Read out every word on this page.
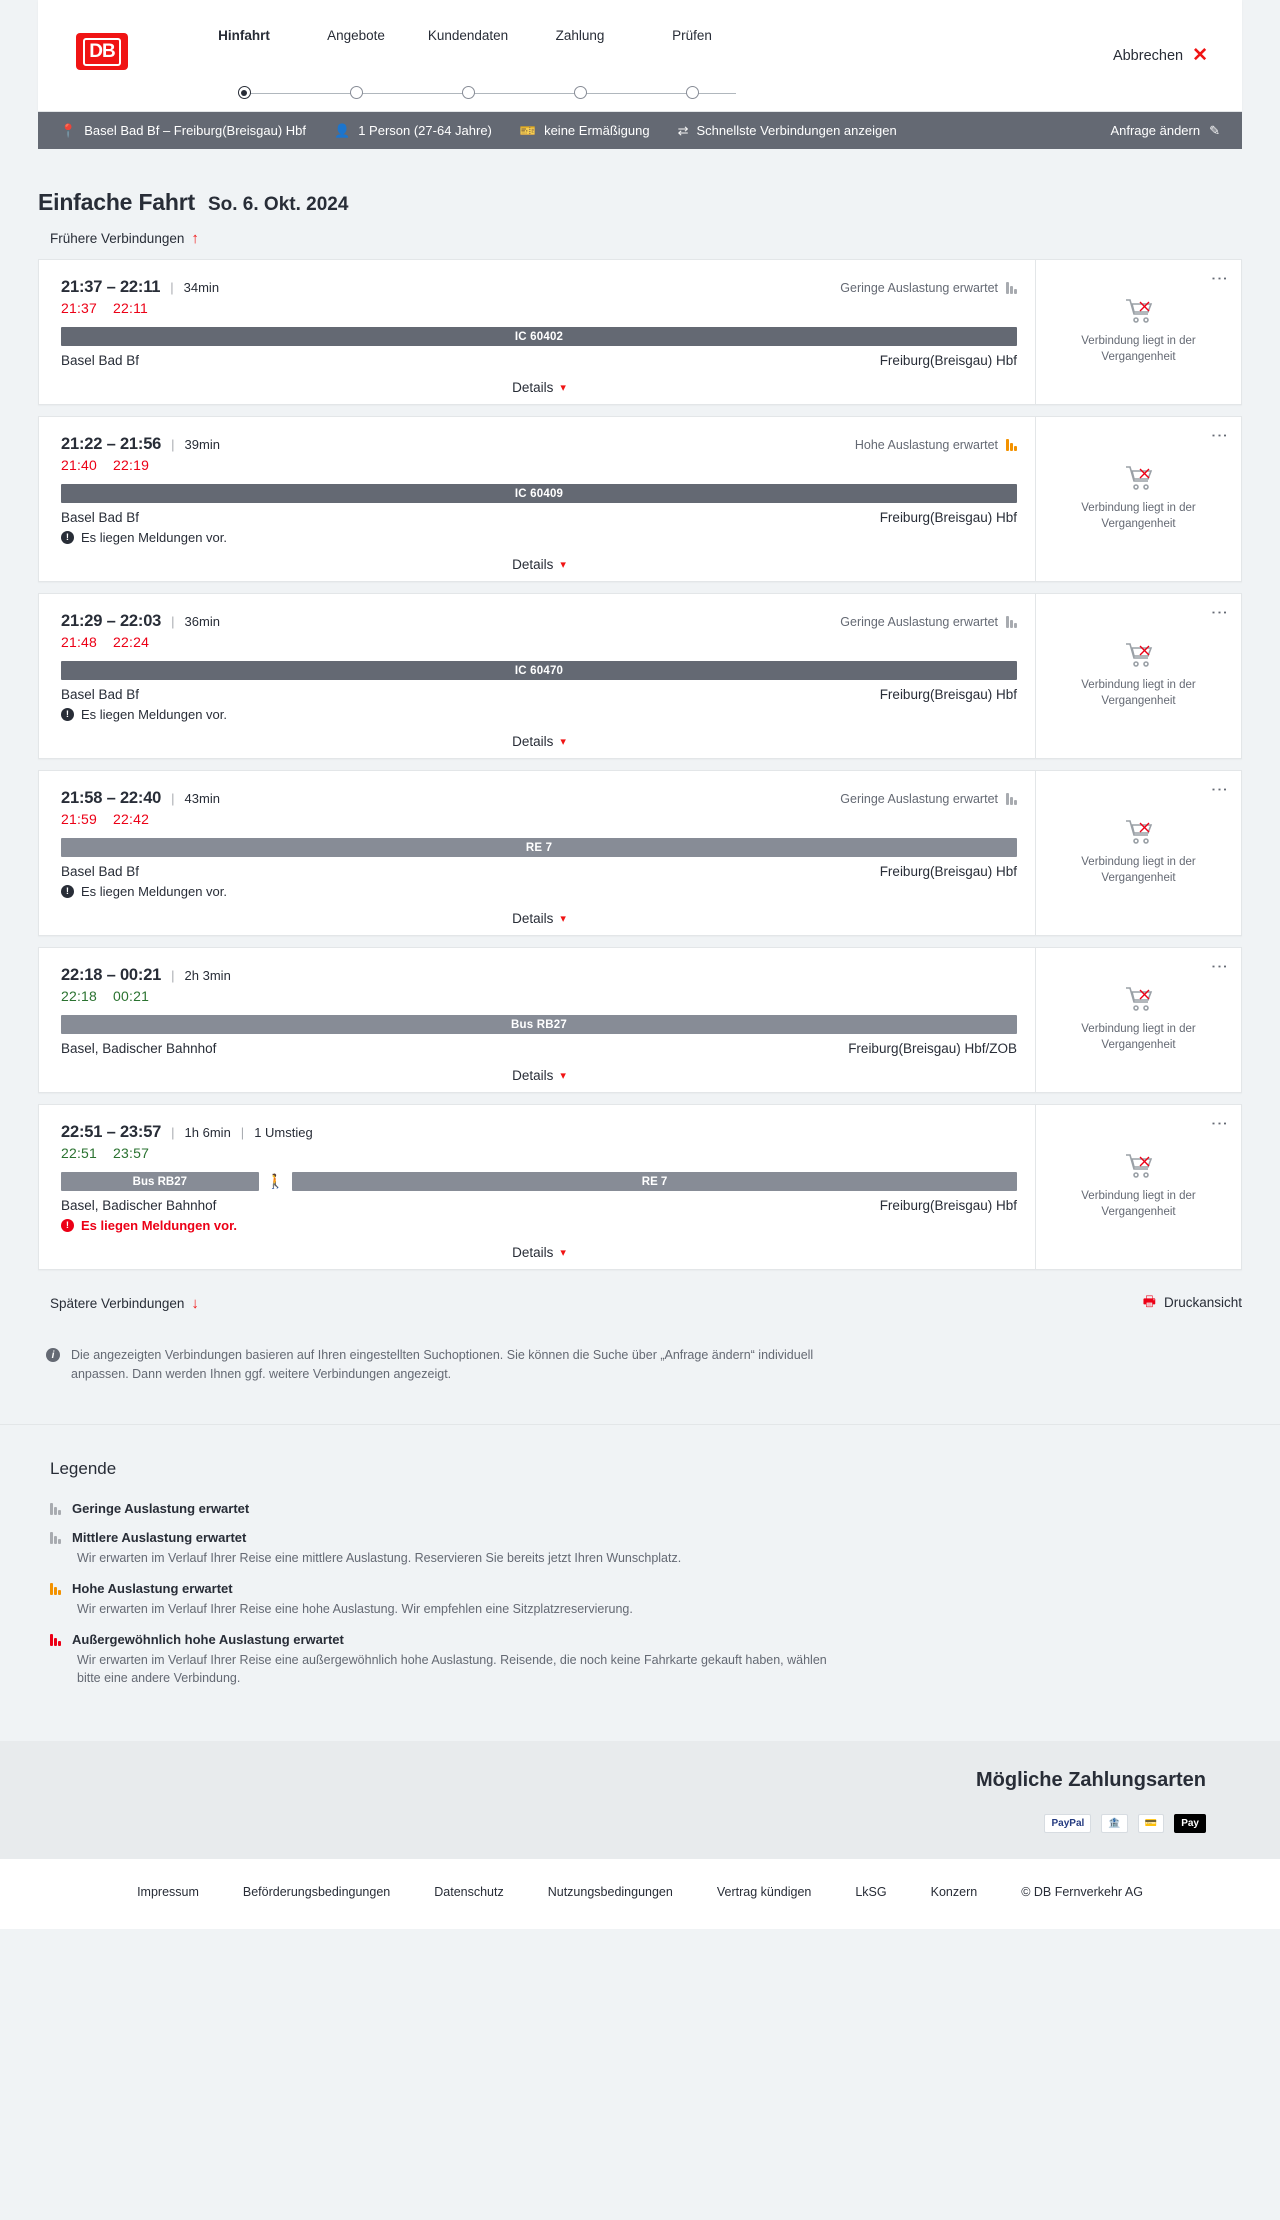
DB
Hinfahrt	Angebote	Kundendaten	Zahlung	Prüfen
Abbrechen ✕
📍 Basel Bad Bf – Freiburg(Breisgau) Hbf 👤 1 Person (27-64 Jahre) 🎫 keine Ermäßigung ⇄ Schnellste Verbindungen anzeigen	Anfrage ändern ✎
Einfache Fahrt So. 6. Okt. 2024
Frühere Verbindungen ↑
21:37 – 22:11 | 34min	Geringe Auslastung erwartet
21:37 22:11
IC 60402
Basel Bad Bf	Freiburg(Breisgau) Hbf
Details ▾
⋮
Verbindung liegt in der Vergangenheit
21:22 – 21:56 | 39min	Hohe Auslastung erwartet
21:40 22:19
IC 60409
Basel Bad Bf	Freiburg(Breisgau) Hbf
! Es liegen Meldungen vor.
Details ▾
⋮
Verbindung liegt in der Vergangenheit
21:29 – 22:03 | 36min	Geringe Auslastung erwartet
21:48 22:24
IC 60470
Basel Bad Bf	Freiburg(Breisgau) Hbf
! Es liegen Meldungen vor.
Details ▾
⋮
Verbindung liegt in der Vergangenheit
21:58 – 22:40 | 43min	Geringe Auslastung erwartet
21:59 22:42
RE 7
Basel Bad Bf	Freiburg(Breisgau) Hbf
! Es liegen Meldungen vor.
Details ▾
⋮
Verbindung liegt in der Vergangenheit
22:18 – 00:21 | 2h 3min
22:18 00:21
Bus RB27
Basel, Badischer Bahnhof	Freiburg(Breisgau) Hbf/ZOB
Details ▾
⋮
Verbindung liegt in der Vergangenheit
22:51 – 23:57 | 1h 6min | 1 Umstieg
22:51 23:57
Bus RB27	🚶	RE 7
Basel, Badischer Bahnhof	Freiburg(Breisgau) Hbf
! Es liegen Meldungen vor.
Details ▾
⋮
Verbindung liegt in der Vergangenheit
Spätere Verbindungen ↓	🖶 Druckansicht
i	Die angezeigten Verbindungen basieren auf Ihren eingestellten Suchoptionen. Sie können die Suche über „Anfrage ändern“ individuell anpassen. Dann werden Ihnen ggf. weitere Verbindungen angezeigt.
Legende
Geringe Auslastung erwartet
Mittlere Auslastung erwartet
Wir erwarten im Verlauf Ihrer Reise eine mittlere Auslastung. Reservieren Sie bereits jetzt Ihren Wunschplatz.
Hohe Auslastung erwartet
Wir erwarten im Verlauf Ihrer Reise eine hohe Auslastung. Wir empfehlen eine Sitzplatzreservierung.
Außergewöhnlich hohe Auslastung erwartet
Wir erwarten im Verlauf Ihrer Reise eine außergewöhnlich hohe Auslastung. Reisende, die noch keine Fahrkarte gekauft haben, wählen bitte eine andere Verbindung.
Mögliche Zahlungsarten
PayPal	🏦	💳	Pay
Impressum	Beförderungsbedingungen	Datenschutz	Nutzungsbedingungen	Vertrag kündigen	LkSG	Konzern	© DB Fernverkehr AG
